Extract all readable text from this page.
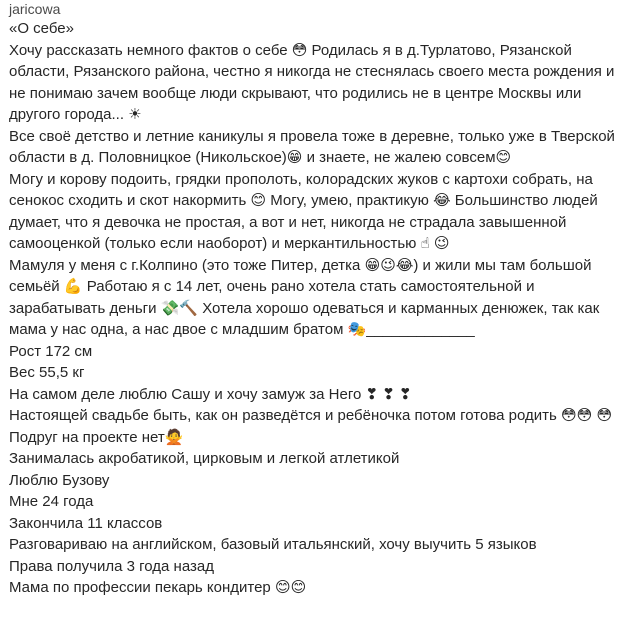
jaricowa
«О себе»
Хочу рассказать немного фактов о себе 😳 Родилась я в д.Турлатово, Рязанской области, Рязанского района, честно я никогда не стеснялась своего места рождения и не понимаю зачем вообще люди скрывают, что родились не в центре Москвы или другого города... ☀
Все своё детство и летние каникулы я провела тоже в деревне, только уже в Тверской области в д. Половницкое (Никольское)😁 и знаете, не жалею совсем😊
Могу и корову подоить, грядки прополоть, колорадских жуков с картохи собрать, на сенокос сходить и скот накормить 😊 Могу, умею, практикую 😂 Большинство людей думает, что я девочка не простая, а вот и нет, никогда не страдала завышенной самооценкой (только если наоборот) и меркантильностью ☝ 😉
Мамуля у меня с г.Колпино (это тоже Питер, детка 😁😉😂) и жили мы там большой семьёй 💪 Работаю я с 14 лет, очень рано хотела стать самостоятельной и зарабатывать деньги 💸🔨 Хотела хорошо одеваться и карманных денюжек, так как мама у нас одна, а нас двое с младшим братом 🎭_____________
Рост 172 см
Вес 55,5 кг
На самом деле люблю Сашу и хочу замуж за Него ❣ ❣ ❣
Настоящей свадьбе быть, как он разведётся и ребёночка потом готова родить 😳😳 😳
Подруг на проекте нет🙅
Занималась акробатикой, цирковым и легкой атлетикой
Люблю Бузову
Мне 24 года
Закончила 11 классов
Разговариваю на английском, базовый итальянский, хочу выучить 5 языков
Права получила 3 года назад
Мама по профессии пекарь кондитер 😊😊
